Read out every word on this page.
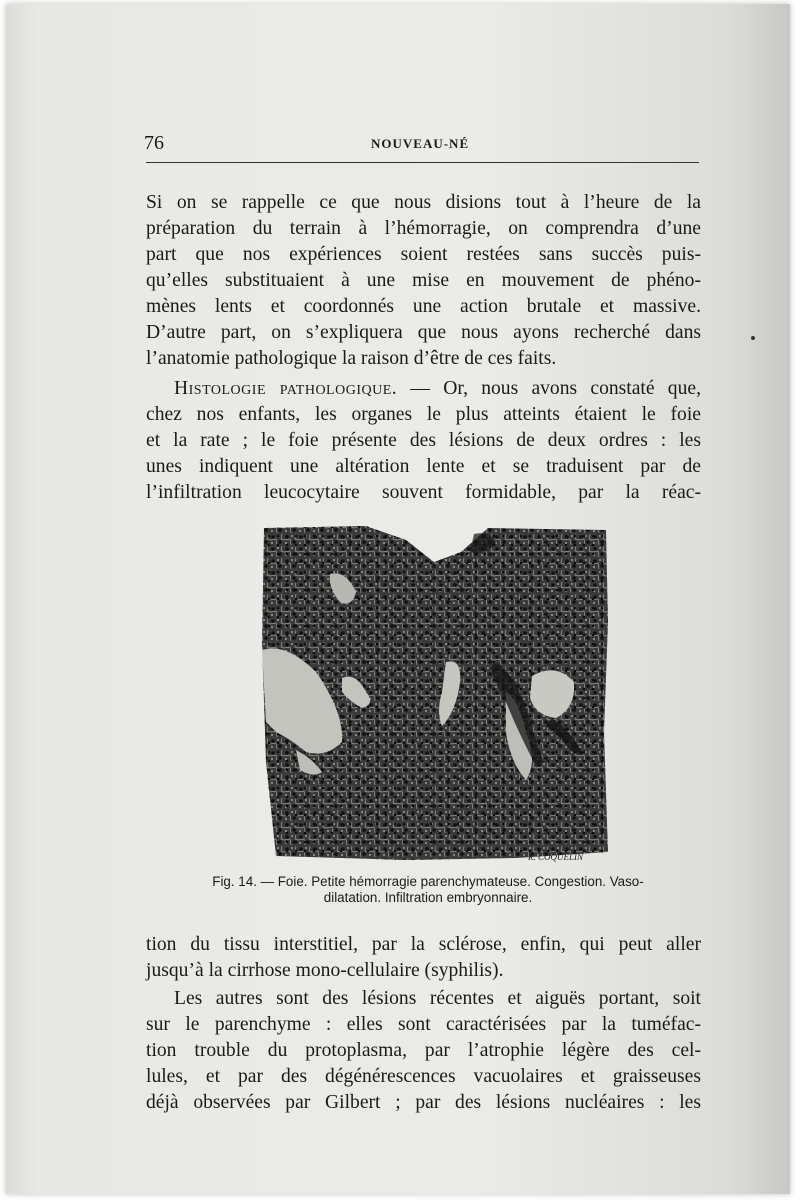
76	NOUVEAU-NÉ
Si on se rappelle ce que nous disions tout à l’heure de la
préparation du terrain à l’hémorragie, on comprendra d’une
part que nos expériences soient restées sans succès puis-
qu’elles substituaient à une mise en mouvement de phéno-
mènes lents et coordonnés une action brutale et massive.
D’autre part, on s’expliquera que nous ayons recherché dans
l’anatomie pathologique la raison d’être de ces faits.
Histologie pathologique. — Or, nous avons constaté que,
chez nos enfants, les organes le plus atteints étaient le foie
et la rate ; le foie présente des lésions de deux ordres : les
unes indiquent une altération lente et se traduisent par de
l’infiltration leucocytaire souvent formidable, par la réac-
R. COQUELIN
Fig. 14. — Foie. Petite hémorragie parenchymateuse. Congestion. Vaso-
dilatation. Infiltration embryonnaire.
tion du tissu interstitiel, par la sclérose, enfin, qui peut aller
jusqu’à la cirrhose mono-cellulaire (syphilis).
Les autres sont des lésions récentes et aiguës portant, soit
sur le parenchyme : elles sont caractérisées par la tuméfac-
tion trouble du protoplasma, par l’atrophie légère des cel-
lules, et par des dégénérescences vacuolaires et graisseuses
déjà observées par Gilbert ; par des lésions nucléaires : les
